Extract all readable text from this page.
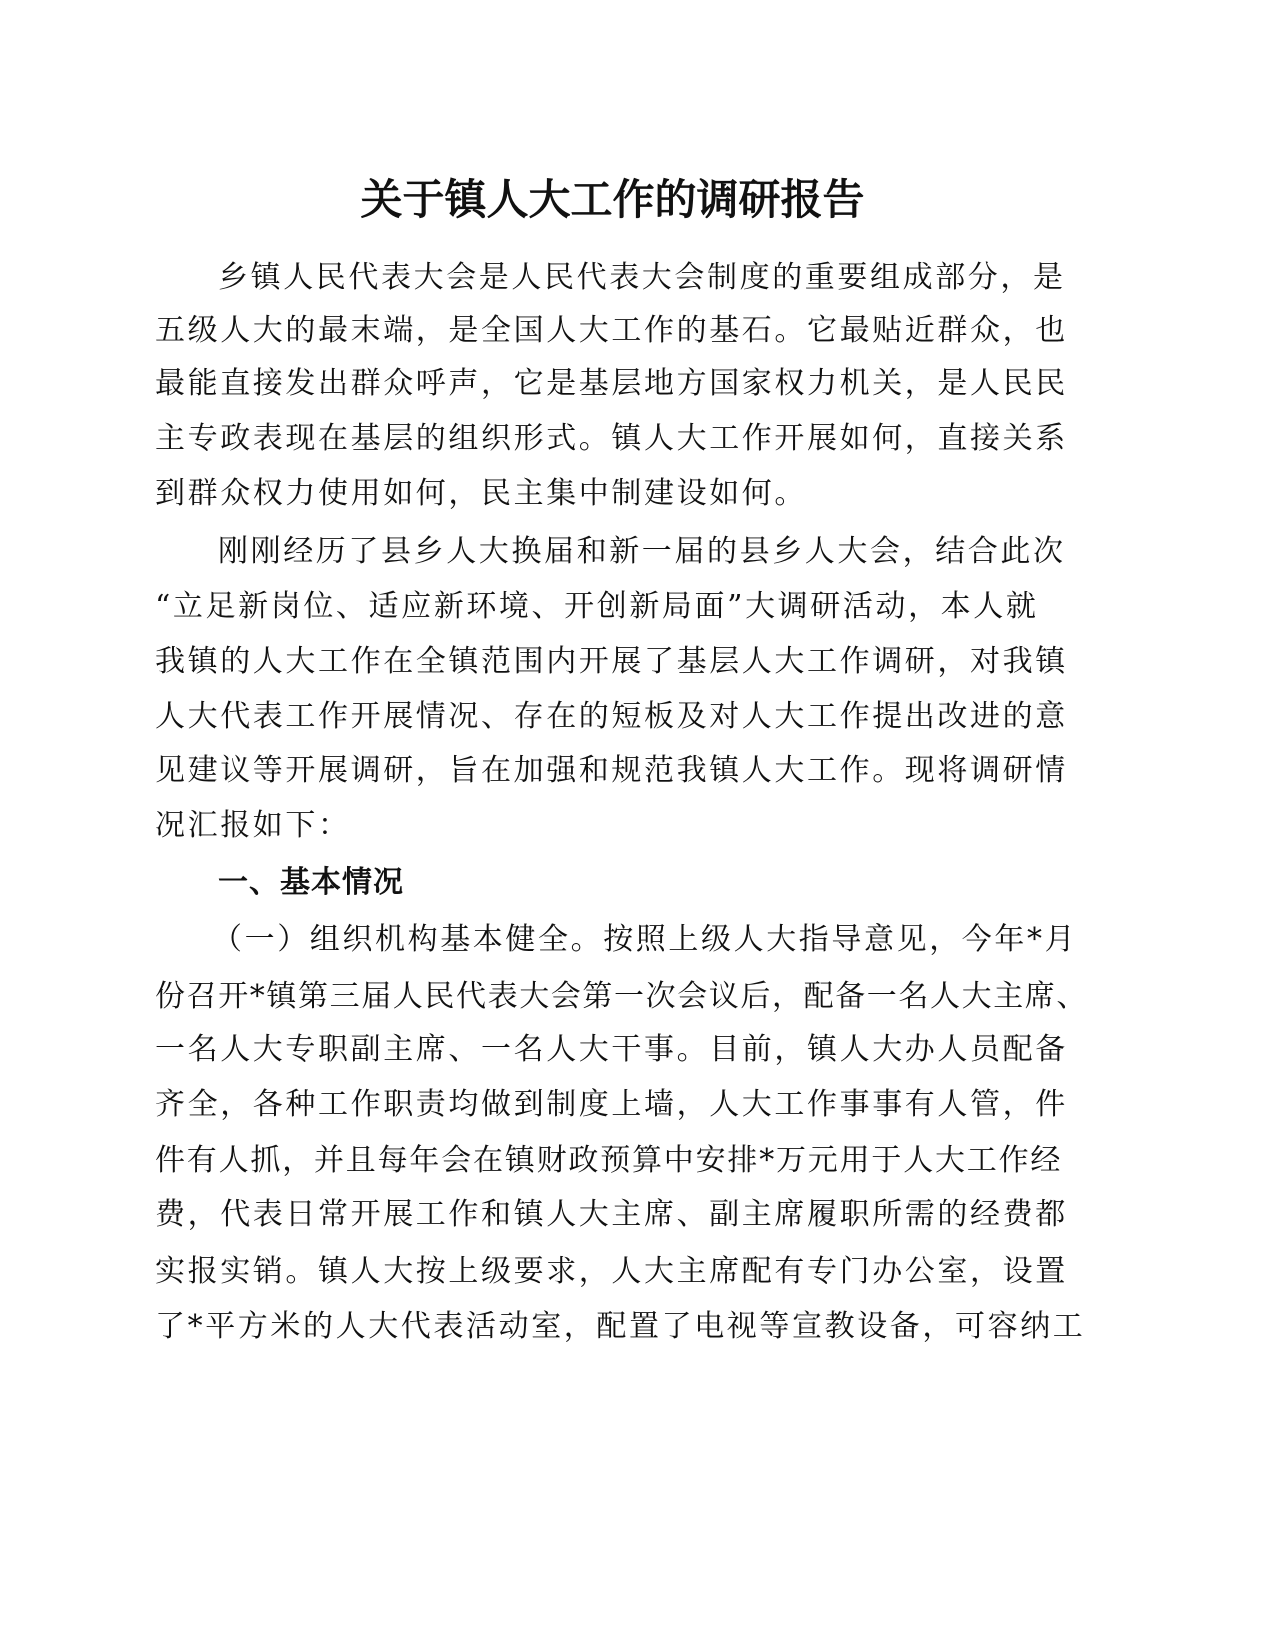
关于镇人大工作的调研报告
乡镇人民代表大会是人民代表大会制度的重要组成部分，是
五级人大的最末端，是全国人大工作的基石。它最贴近群众，也
最能直接发出群众呼声，它是基层地方国家权力机关，是人民民
主专政表现在基层的组织形式。镇人大工作开展如何，直接关系
到群众权力使用如何，民主集中制建设如何。
刚刚经历了县乡人大换届和新一届的县乡人大会，结合此次
“立足新岗位、适应新环境、开创新局面”大调研活动，本人就
我镇的人大工作在全镇范围内开展了基层人大工作调研，对我镇
人大代表工作开展情况、存在的短板及对人大工作提出改进的意
见建议等开展调研，旨在加强和规范我镇人大工作。现将调研情
况汇报如下：
一、基本情况
（一）组织机构基本健全。按照上级人大指导意见，今年*月
份召开*镇第三届人民代表大会第一次会议后，配备一名人大主席、
一名人大专职副主席、一名人大干事。目前，镇人大办人员配备
齐全，各种工作职责均做到制度上墙，人大工作事事有人管，件
件有人抓，并且每年会在镇财政预算中安排*万元用于人大工作经
费，代表日常开展工作和镇人大主席、副主席履职所需的经费都
实报实销。镇人大按上级要求，人大主席配有专门办公室，设置
了*平方米的人大代表活动室，配置了电视等宣教设备，可容纳工
